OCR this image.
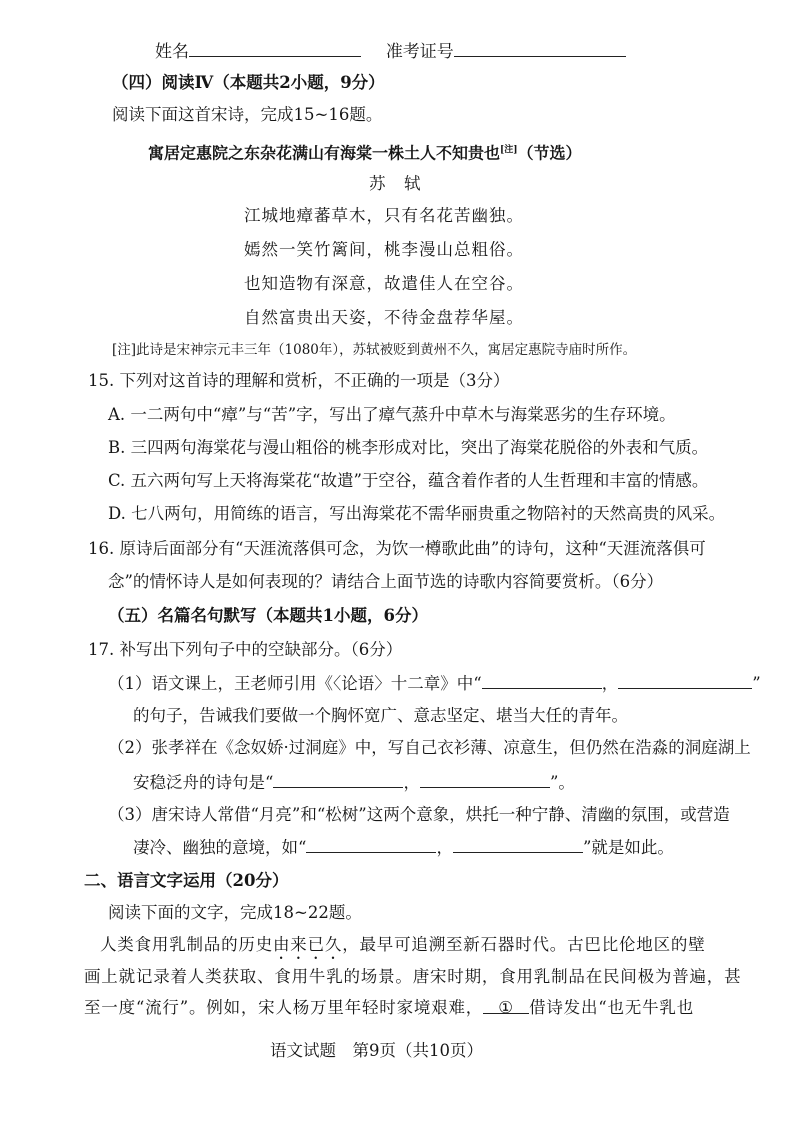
姓名	准考证号
（四）阅读Ⅳ（本题共2小题，9分）
阅读下面这首宋诗，完成15~16题。
寓居定惠院之东杂花满山有海棠一株土人不知贵也[注]（节选）
苏　轼
江城地瘴蕃草木，只有名花苦幽独。
嫣然一笑竹篱间，桃李漫山总粗俗。
也知造物有深意，故遣佳人在空谷。
自然富贵出天姿，不待金盘荐华屋。
[注]此诗是宋神宗元丰三年（1080年），苏轼被贬到黄州不久，寓居定惠院寺庙时所作。
15. 下列对这首诗的理解和赏析，不正确的一项是（3分）
A. 一二两句中“瘴”与“苦”字，写出了瘴气蒸升中草木与海棠恶劣的生存环境。
B. 三四两句海棠花与漫山粗俗的桃李形成对比，突出了海棠花脱俗的外表和气质。
C. 五六两句写上天将海棠花“故遣”于空谷，蕴含着作者的人生哲理和丰富的情感。
D. 七八两句，用简练的语言，写出海棠花不需华丽贵重之物陪衬的天然高贵的风采。
16. 原诗后面部分有“天涯流落俱可念，为饮一樽歌此曲”的诗句，这种“天涯流落俱可
念”的情怀诗人是如何表现的？请结合上面节选的诗歌内容简要赏析。（6分）
（五）名篇名句默写（本题共1小题，6分）
17. 补写出下列句子中的空缺部分。（6分）
（1）语文课上，王老师引用《〈论语〉十二章》中“	，	”
的句子，告诫我们要做一个胸怀宽广、意志坚定、堪当大任的青年。
（2）张孝祥在《念奴娇·过洞庭》中，写自己衣衫薄、凉意生，但仍然在浩淼的洞庭湖上
安稳泛舟的诗句是“	，	”。
（3）唐宋诗人常借“月亮”和“松树”这两个意象，烘托一种宁静、清幽的氛围，或营造
凄冷、幽独的意境，如“	，	”就是如此。
二、语言文字运用（20分）
阅读下面的文字，完成18~22题。
人类食用乳制品的历史由来已久，最早可追溯至新石器时代。古巴比伦地区的壁
画上就记录着人类获取、食用牛乳的场景。唐宋时期，食用乳制品在民间极为普遍，甚
至一度“流行”。例如，宋人杨万里年轻时家境艰难， ① 借诗发出“也无牛乳也
语文试题　第9页（共10页）
